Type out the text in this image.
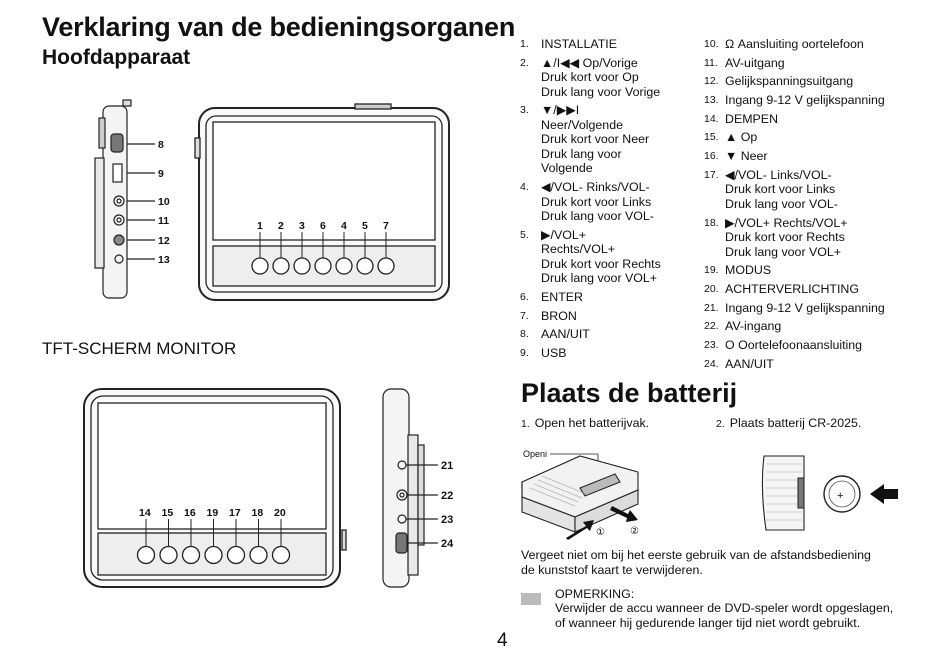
Verklaring van de bedieningsorganen
Hoofdapparaat
TFT-SCHERM MONITOR
8
9
10
11
12
13
1 2 3 6 4 5 7
14 15 16 19 17 18 20
21
22
23
24
1. INSTALLATIE
2. ▲/I◀◀ Op/Vorige
Druk kort voor Op
Druk lang voor Vorige
3. ▼/▶▶I
Neer/Volgende
Druk kort voor Neer
Druk lang voor
Volgende
4. ◀/VOL- Rinks/VOL-
Druk kort voor Links
Druk lang voor VOL-
5. ▶/VOL+
Rechts/VOL+
Druk kort voor Rechts
Druk lang voor VOL+
6. ENTER
7. BRON
8. AAN/UIT
9. USB
10. Ω Aansluiting oortelefoon
11. AV-uitgang
12. Gelijkspanningsuitgang
13. Ingang 9-12 V gelijkspanning
14. DEMPEN
15. ▲ Op
16. ▼ Neer
17. ◀/VOL- Links/VOL-
Druk kort voor Links
Druk lang voor VOL-
18. ▶/VOL+ Rechts/VOL+
Druk kort voor Rechts
Druk lang voor VOL+
19. MODUS
20. ACHTERVERLICHTING
21. Ingang 9-12 V gelijkspanning
22. AV-ingang
23. O Oortelefoonaansluiting
24. AAN/UIT
Plaats de batterij
1. Open het batterijvak.	2. Plaats batterij CR-2025.
Openi
①	②
+
Vergeet niet om bij het eerste gebruik van de afstandsbediening de kunststof kaart te verwijderen.
OPMERKING:
Verwijder de accu wanneer de DVD-speler wordt opgeslagen, of wanneer hij gedurende langer tijd niet wordt gebruikt.
4
